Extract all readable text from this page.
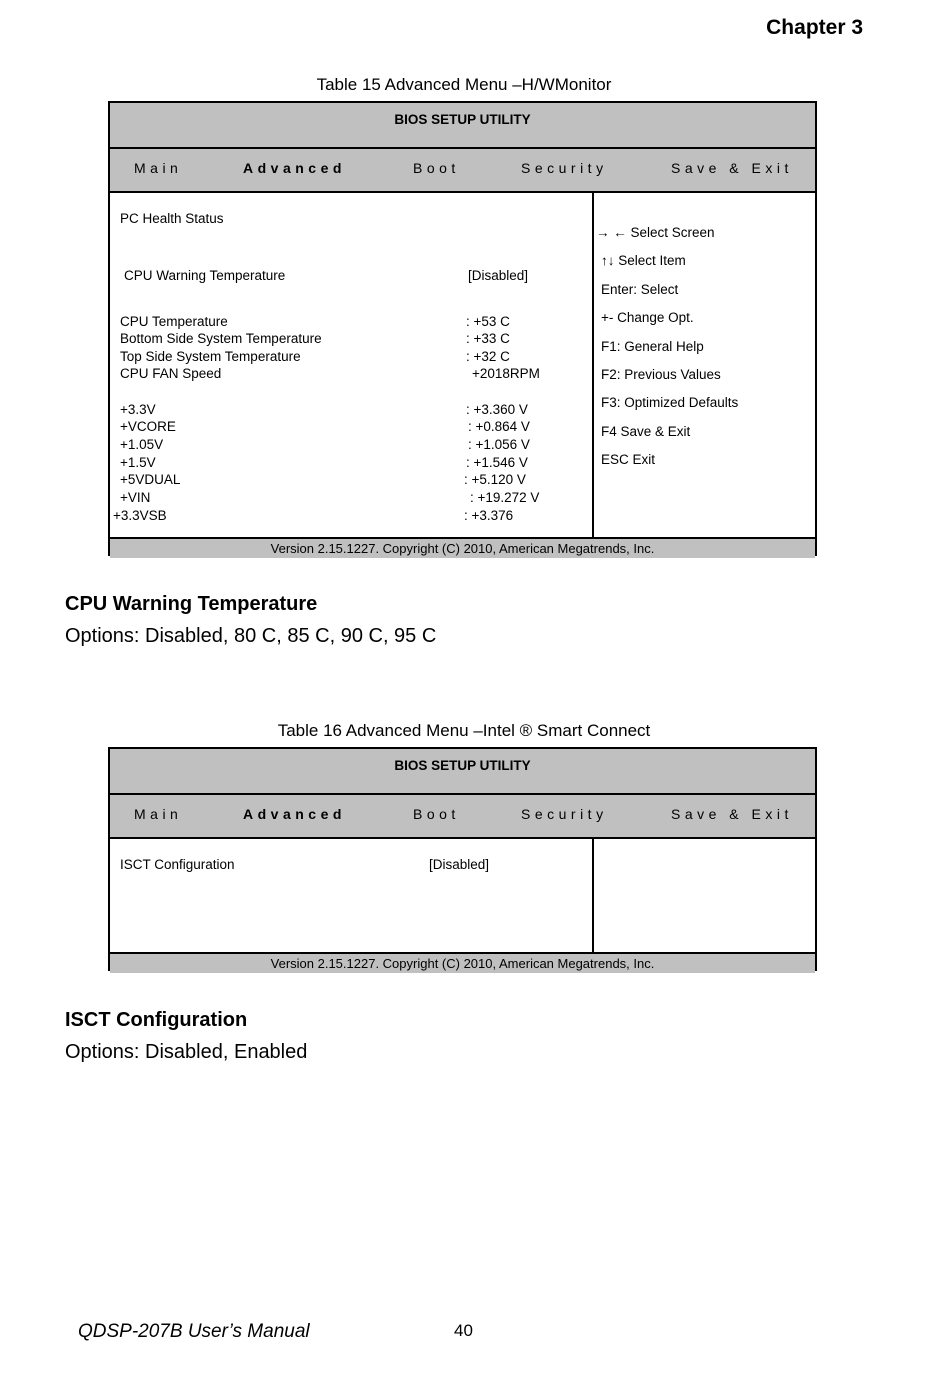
Chapter 3
Table 15 Advanced Menu –H/WMonitor
BIOS SETUP UTILITY
Main	Advanced	Boot	Security	Save & Exit
PC Health Status
CPU Warning Temperature	[Disabled]
CPU Temperature	: +53 C
Bottom Side System Temperature	: +33 C
Top Side System Temperature	: +32 C
CPU FAN Speed	+2018RPM
+3.3V	: +3.360 V
+VCORE	: +0.864 V
+1.05V	: +1.056 V
+1.5V	: +1.546 V
+5VDUAL	: +5.120 V
+VIN	: +19.272 V
+3.3VSB	: +3.376
→ ← Select Screen
↑↓ Select Item
Enter: Select
+- Change Opt.
F1: General Help
F2: Previous Values
F3: Optimized Defaults
F4 Save & Exit
ESC Exit
Version 2.15.1227. Copyright (C) 2010, American Megatrends, Inc.
CPU Warning Temperature
Options: Disabled, 80 C, 85 C, 90 C, 95 C
Table 16 Advanced Menu –Intel ® Smart Connect
BIOS SETUP UTILITY
Main	Advanced	Boot	Security	Save & Exit
ISCT Configuration	[Disabled]
Version 2.15.1227. Copyright (C) 2010, American Megatrends, Inc.
ISCT Configuration
Options: Disabled, Enabled
QDSP-207B User’s Manual	40
